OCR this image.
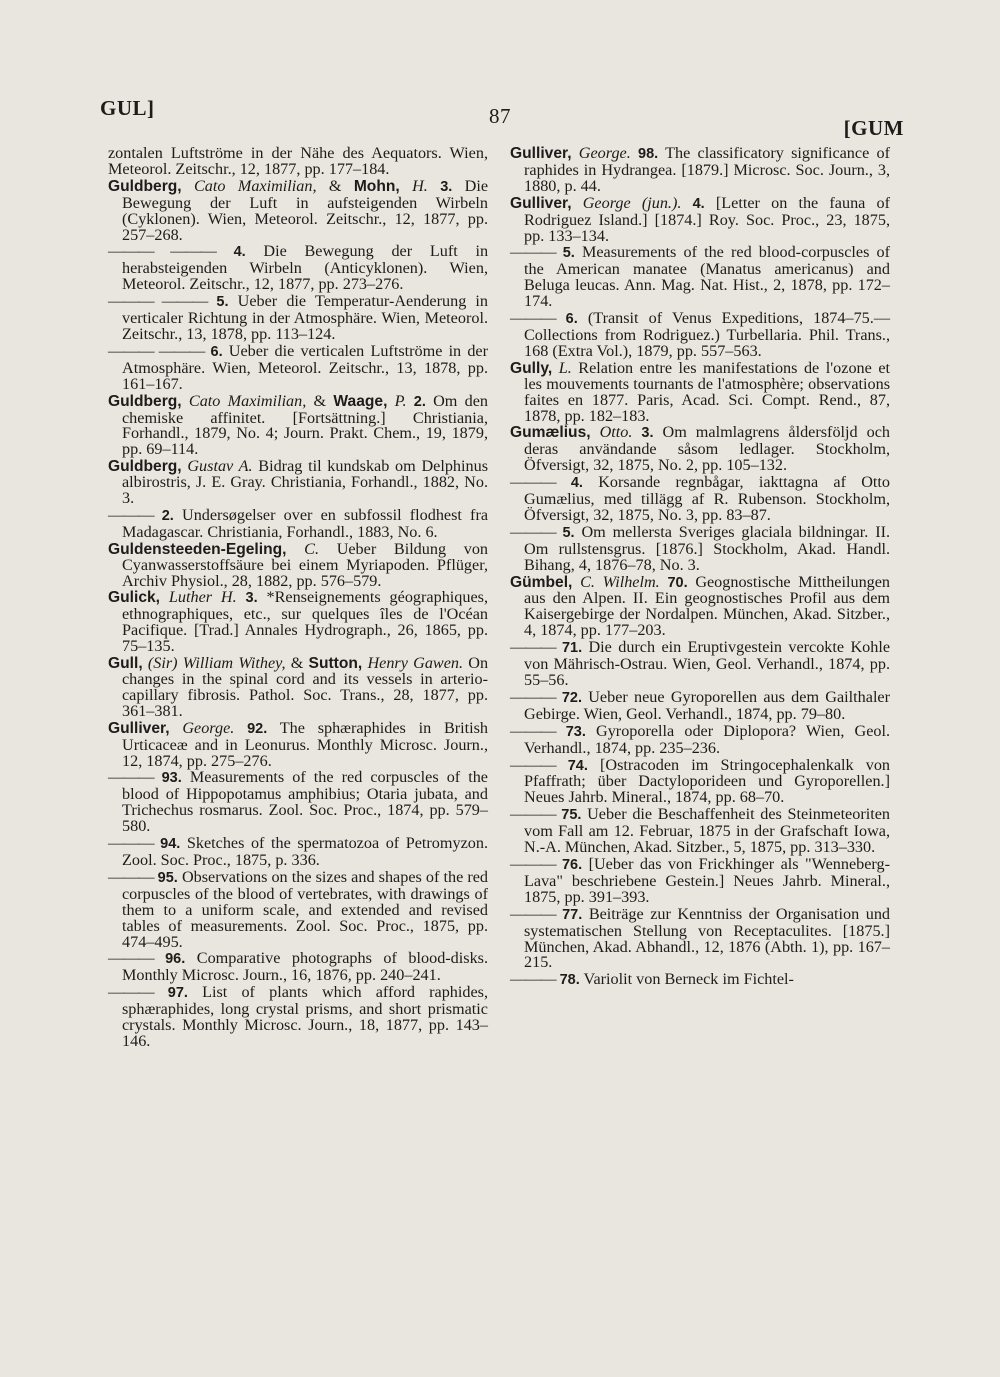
GUL]	87	[GUM

zontalen Luftströme in der Nähe des Aequators. Wien, Meteorol. Zeitschr., 12, 1877, pp. 177–184.

Guldberg, Cato Maximilian, & Mohn, H. 3. Die Bewegung der Luft in aufsteigenden Wirbeln (Cyklonen). Wien, Meteorol. Zeitschr., 12, 1877, pp. 257–268.

——— ——— 4. Die Bewegung der Luft in herabsteigenden Wirbeln (Anticyklonen). Wien, Meteorol. Zeitschr., 12, 1877, pp. 273–276.

——— ——— 5. Ueber die Temperatur-Aenderung in verticaler Richtung in der Atmosphäre. Wien, Meteorol. Zeitschr., 13, 1878, pp. 113–124.

——— ——— 6. Ueber die verticalen Luftströme in der Atmosphäre. Wien, Meteorol. Zeitschr., 13, 1878, pp. 161–167.

Guldberg, Cato Maximilian, & Waage, P. 2. Om den chemiske affinitet. [Fortsättning.] Christiania, Forhandl., 1879, No. 4; Journ. Prakt. Chem., 19, 1879, pp. 69–114.

Guldberg, Gustav A. Bidrag til kundskab om Delphinus albirostris, J. E. Gray. Christiania, Forhandl., 1882, No. 3.

——— 2. Undersøgelser over en subfossil flodhest fra Madagascar. Christiania, Forhandl., 1883, No. 6.

Guldensteeden-Egeling, C. Ueber Bildung von Cyanwasserstoffsäure bei einem Myriapoden. Pflüger, Archiv Physiol., 28, 1882, pp. 576–579.

Gulick, Luther H. 3. *Renseignements géographiques, ethnographiques, etc., sur quelques îles de l'Océan Pacifique. [Trad.] Annales Hydrograph., 26, 1865, pp. 75–135.

Gull, (Sir) William Withey, & Sutton, Henry Gawen. On changes in the spinal cord and its vessels in arterio-capillary fibrosis. Pathol. Soc. Trans., 28, 1877, pp. 361–381.

Gulliver, George. 92. The sphæraphides in British Urticaceæ and in Leonurus. Monthly Microsc. Journ., 12, 1874, pp. 275–276.

——— 93. Measurements of the red corpuscles of the blood of Hippopotamus amphibius; Otaria jubata, and Trichechus rosmarus. Zool. Soc. Proc., 1874, pp. 579–580.

——— 94. Sketches of the spermatozoa of Petromyzon. Zool. Soc. Proc., 1875, p. 336.

——— 95. Observations on the sizes and shapes of the red corpuscles of the blood of vertebrates, with drawings of them to a uniform scale, and extended and revised tables of measurements. Zool. Soc. Proc., 1875, pp. 474–495.

——— 96. Comparative photographs of blood-disks. Monthly Microsc. Journ., 16, 1876, pp. 240–241.

——— 97. List of plants which afford raphides, sphæraphides, long crystal prisms, and short prismatic crystals. Monthly Microsc. Journ., 18, 1877, pp. 143–146.

Gulliver, George. 98. The classificatory significance of raphides in Hydrangea. [1879.] Microsc. Soc. Journ., 3, 1880, p. 44.

Gulliver, George (jun.). 4. [Letter on the fauna of Rodriguez Island.] [1874.] Roy. Soc. Proc., 23, 1875, pp. 133–134.

——— 5. Measurements of the red blood-corpuscles of the American manatee (Manatus americanus) and Beluga leucas. Ann. Mag. Nat. Hist., 2, 1878, pp. 172–174.

——— 6. (Transit of Venus Expeditions, 1874–75.—Collections from Rodriguez.) Turbellaria. Phil. Trans., 168 (Extra Vol.), 1879, pp. 557–563.

Gully, L. Relation entre les manifestations de l'ozone et les mouvements tournants de l'atmosphère; observations faites en 1877. Paris, Acad. Sci. Compt. Rend., 87, 1878, pp. 182–183.

Gumælius, Otto. 3. Om malmlagrens åldersföljd och deras användande såsom ledlager. Stockholm, Öfversigt, 32, 1875, No. 2, pp. 105–132.

——— 4. Korsande regnbågar, iakttagna af Otto Gumælius, med tillägg af R. Rubenson. Stockholm, Öfversigt, 32, 1875, No. 3, pp. 83–87.

——— 5. Om mellersta Sveriges glaciala bildningar. II. Om rullstensgrus. [1876.] Stockholm, Akad. Handl. Bihang, 4, 1876–78, No. 3.

Gümbel, C. Wilhelm. 70. Geognostische Mittheilungen aus den Alpen. II. Ein geognostisches Profil aus dem Kaisergebirge der Nordalpen. München, Akad. Sitzber., 4, 1874, pp. 177–203.

——— 71. Die durch ein Eruptivgestein vercokte Kohle von Mährisch-Ostrau. Wien, Geol. Verhandl., 1874, pp. 55–56.

——— 72. Ueber neue Gyroporellen aus dem Gailthaler Gebirge. Wien, Geol. Verhandl., 1874, pp. 79–80.

——— 73. Gyroporella oder Diplopora? Wien, Geol. Verhandl., 1874, pp. 235–236.

——— 74. [Ostracoden im Stringocephalenkalk von Pfaffrath; über Dactyloporideen und Gyroporellen.] Neues Jahrb. Mineral., 1874, pp. 68–70.

——— 75. Ueber die Beschaffenheit des Steinmeteoriten vom Fall am 12. Februar, 1875 in der Grafschaft Iowa, N.-A. München, Akad. Sitzber., 5, 1875, pp. 313–330.

——— 76. [Ueber das von Frickhinger als "Wenneberg-Lava" beschriebene Gestein.] Neues Jahrb. Mineral., 1875, pp. 391–393.

——— 77. Beiträge zur Kenntniss der Organisation und systematischen Stellung von Receptaculites. [1875.] München, Akad. Abhandl., 12, 1876 (Abth. 1), pp. 167–215.

——— 78. Variolit von Berneck im Fichtel-
